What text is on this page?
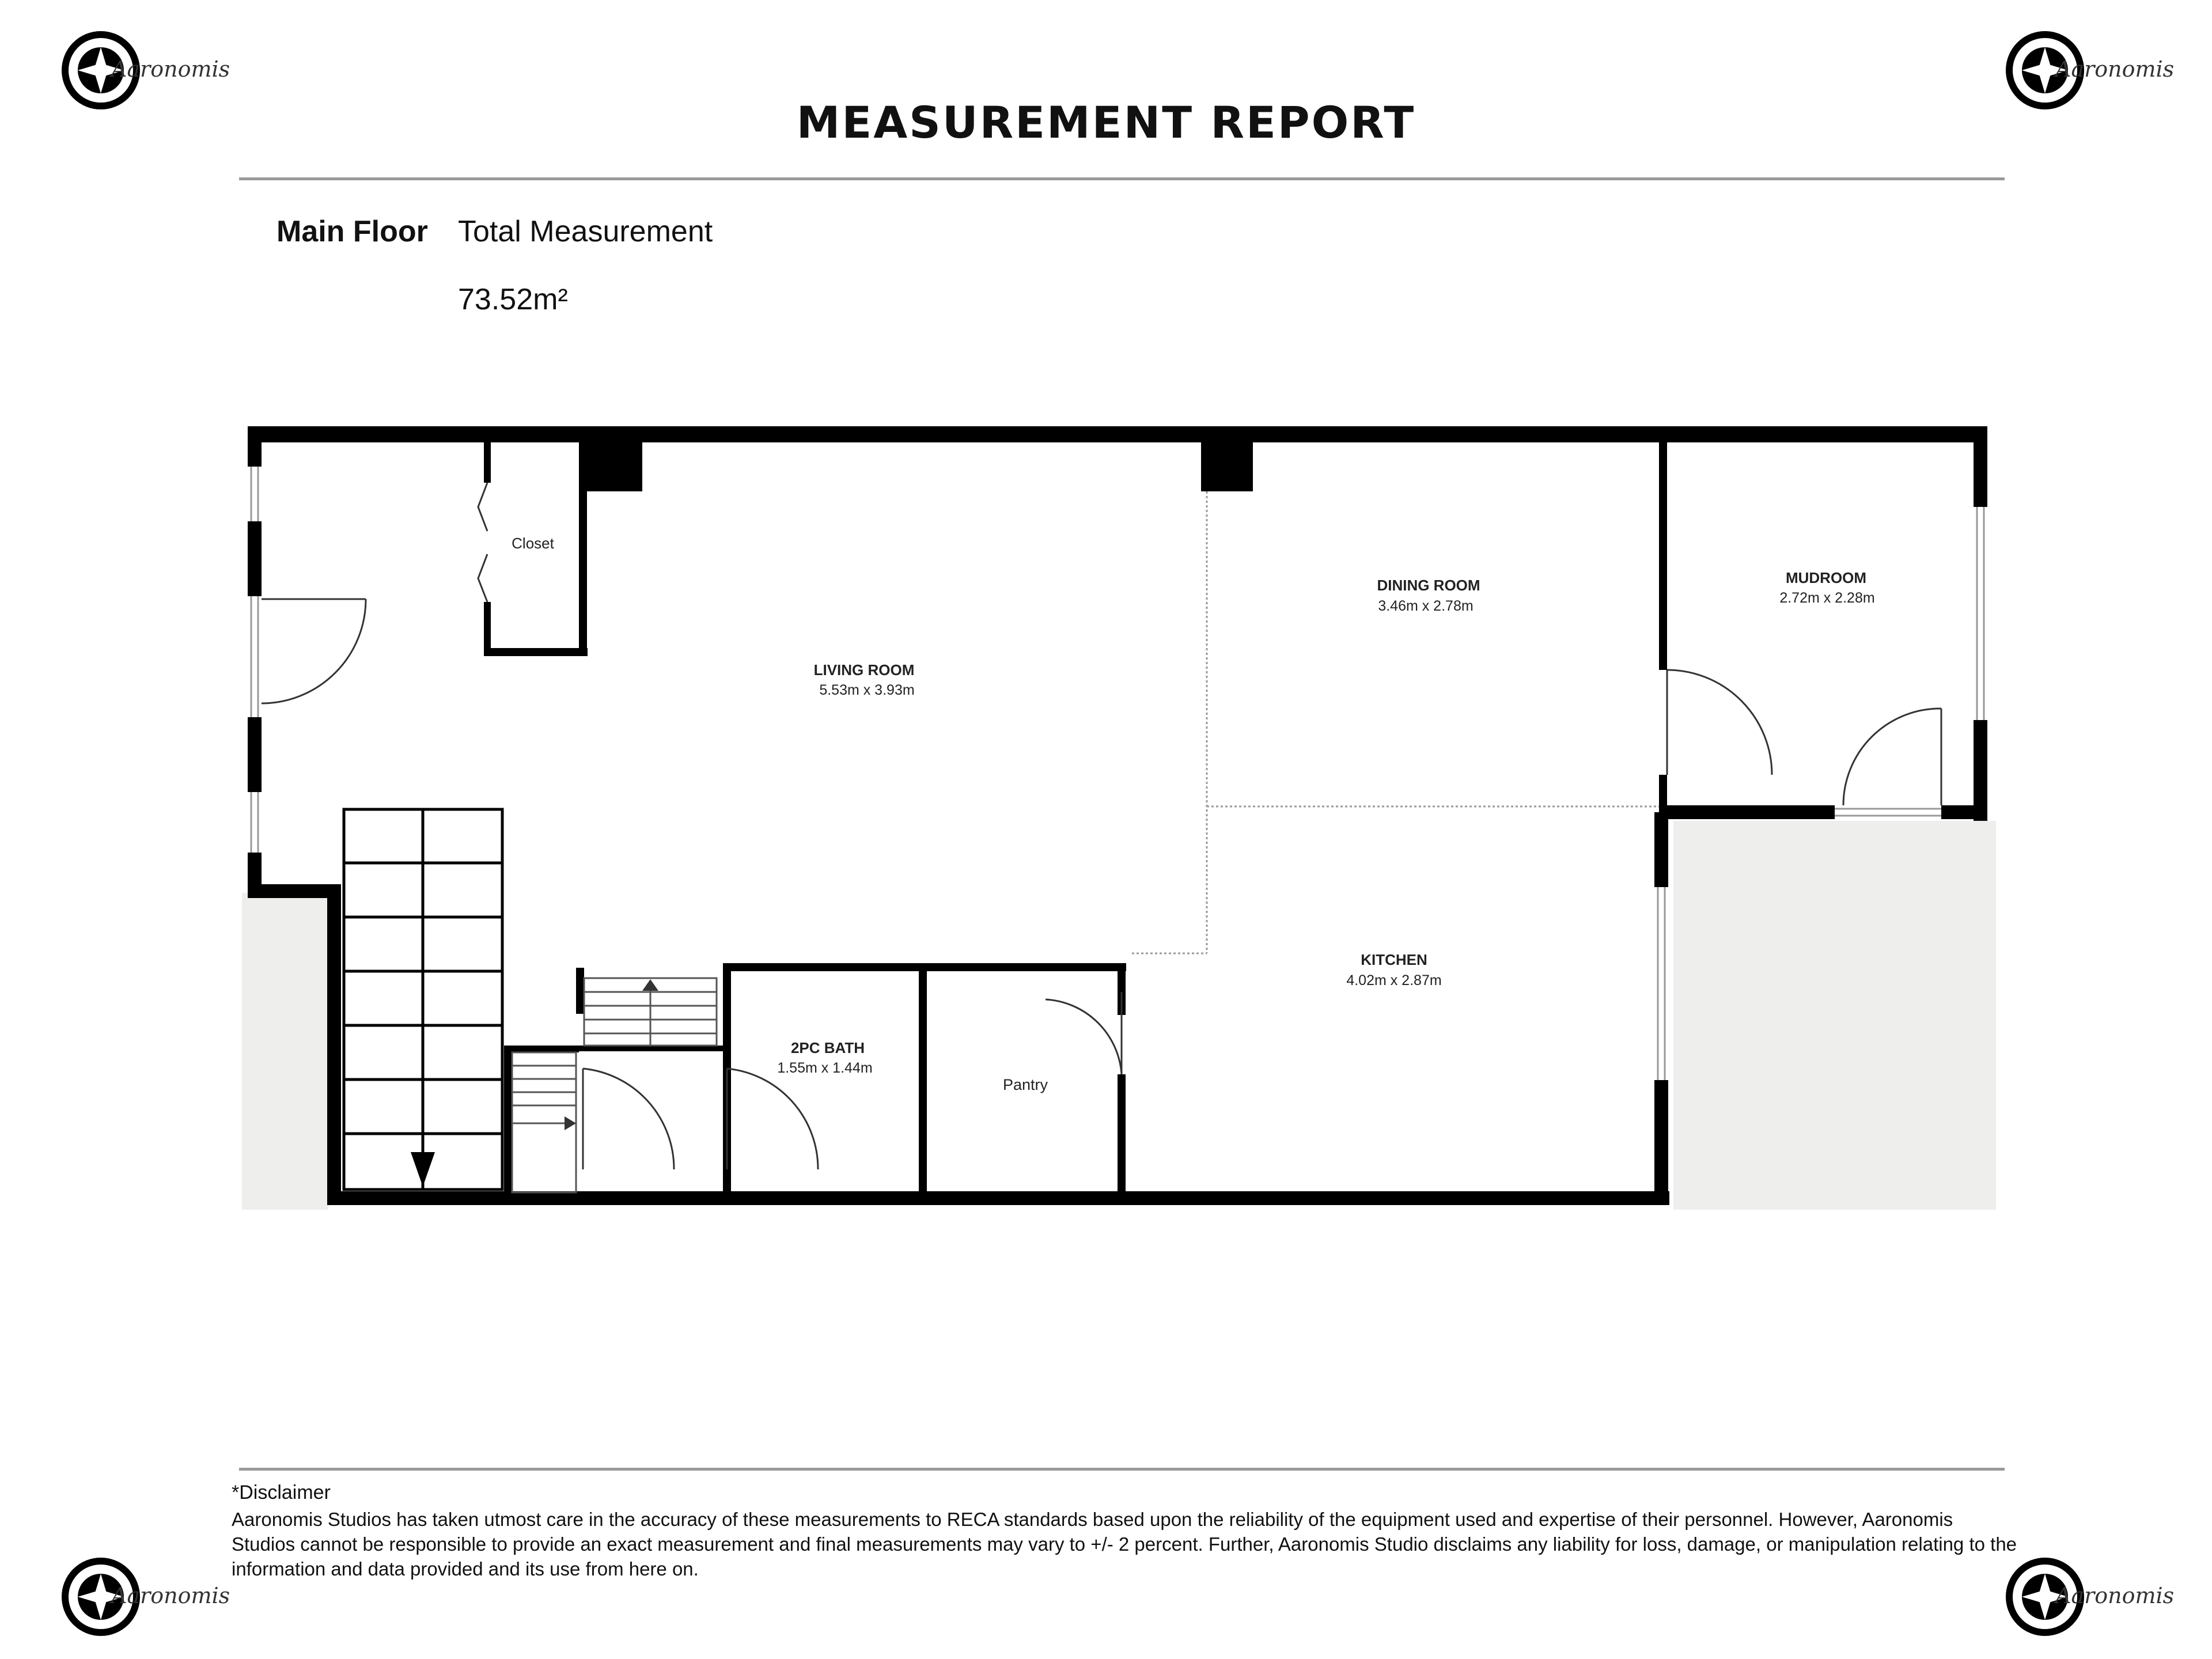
Aaronomis	Aaronomis
Aaronomis	Aaronomis
MEASUREMENT REPORT
Main Floor Total Measurement
73.52m²
Closet
LIVING ROOM
5.53m x 3.93m
DINING ROOM
3.46m x 2.78m
MUDROOM
2.72m x 2.28m
KITCHEN
4.02m x 2.87m
2PC BATH
1.55m x 1.44m
Pantry
*Disclaimer
Aaronomis Studios has taken utmost care in the accuracy of these measurements to RECA standards based upon the reliability of the equipment used and expertise of their personnel. However, Aaronomis Studios cannot be responsible to provide an exact measurement and final measurements may vary to +/- 2 percent. Further, Aaronomis Studio disclaims any liability for loss, damage, or manipulation relating to the information and data provided and its use from here on.
